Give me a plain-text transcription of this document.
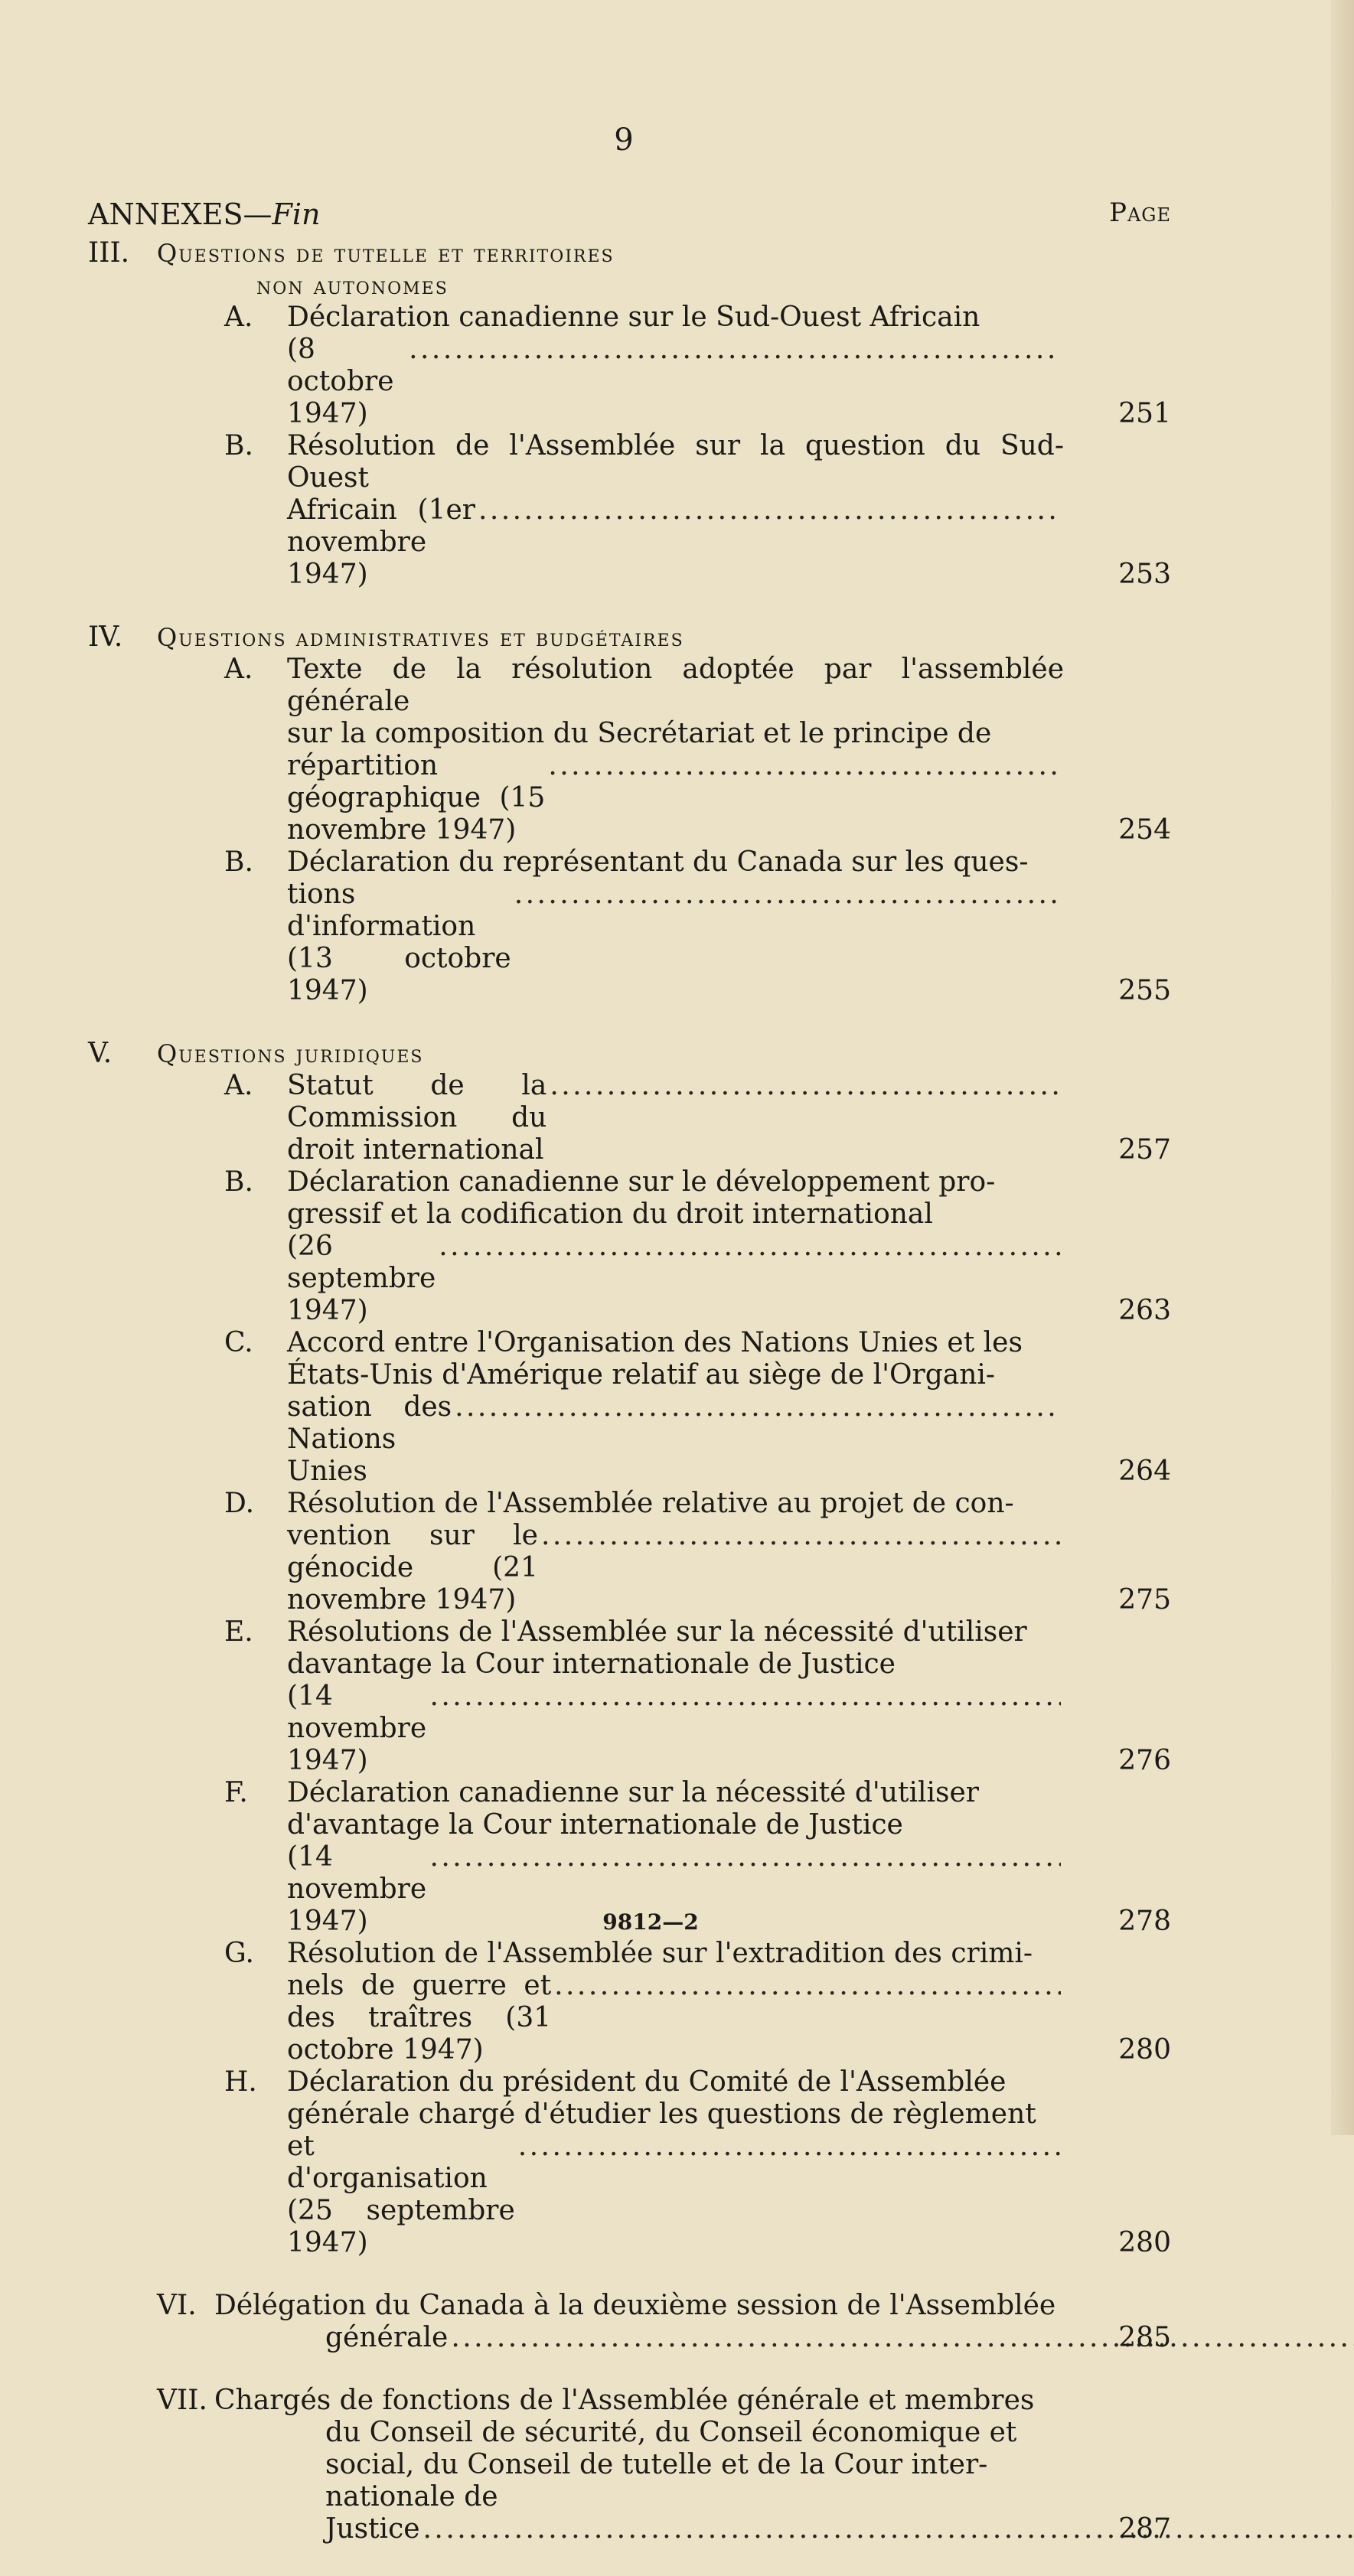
9
ANNEXES—Fin	Page
III. Questions de tutelle et territoires
non autonomes
A. Déclaration canadienne sur le Sud-Ouest Africain
(8 octobre 1947)
. . .	251
B. Résolution de l'Assemblée sur la question du Sud-Ouest
Africain (1er novembre 1947)
. . .	253
IV. Questions administratives et budgétaires
A. Texte de la résolution adoptée par l'assemblée générale
sur la composition du Secrétariat et le principe de
répartition géographique (15 novembre 1947)
. . .	254
B. Déclaration du représentant du Canada sur les ques-
tions d'information (13 octobre 1947)
. . .	255
V. Questions juridiques
A. Statut de la Commission du droit international
. . .	257
B. Déclaration canadienne sur le développement pro-
gressif et la codification du droit international
(26 septembre 1947)
. . .	263
C. Accord entre l'Organisation des Nations Unies et les
États-Unis d'Amérique relatif au siège de l'Organi-
sation des Nations Unies
. . .	264
D. Résolution de l'Assemblée relative au projet de con-
vention sur le génocide (21 novembre 1947)
. . .	275
E. Résolutions de l'Assemblée sur la nécessité d'utiliser
davantage la Cour internationale de Justice
(14 novembre 1947)
. . .	276
F. Déclaration canadienne sur la nécessité d'utiliser
d'avantage la Cour internationale de Justice
(14 novembre 1947)
. . .	278
G. Résolution de l'Assemblée sur l'extradition des crimi-
nels de guerre et des traîtres (31 octobre 1947)
. . .	280
H. Déclaration du président du Comité de l'Assemblée
générale chargé d'étudier les questions de règlement
et d'organisation (25 septembre 1947)
. . .	280
VI. Délégation du Canada à la deuxième session de l'Assemblée
générale . . .	285
VII. Chargés de fonctions de l'Assemblée générale et membres
du Conseil de sécurité, du Conseil économique et
social, du Conseil de tutelle et de la Cour inter-
nationale de Justice . . .	287
9812—2
